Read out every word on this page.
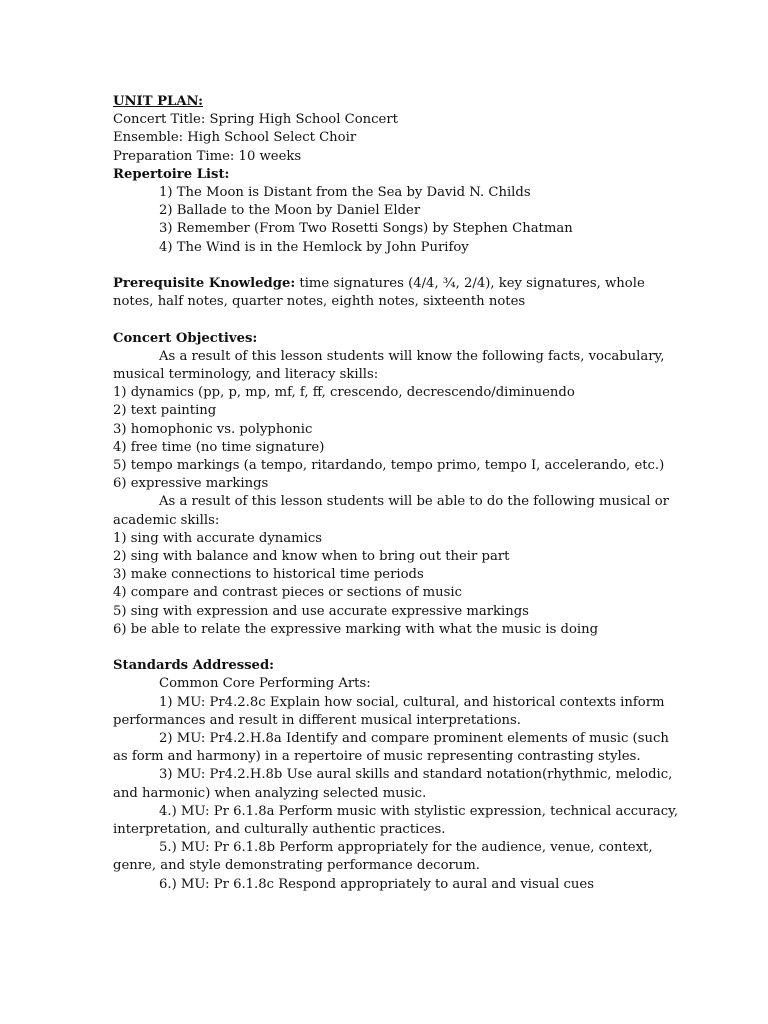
UNIT PLAN:
Concert Title: Spring High School Concert
Ensemble: High School Select Choir
Preparation Time: 10 weeks
Repertoire List:
1) The Moon is Distant from the Sea by David N. Childs
2) Ballade to the Moon by Daniel Elder
3) Remember (From Two Rosetti Songs) by Stephen Chatman
4) The Wind is in the Hemlock by John Purifoy
Prerequisite Knowledge: time signatures (4/4, ¾, 2/4), key signatures, whole
notes, half notes, quarter notes, eighth notes, sixteenth notes
Concert Objectives:
As a result of this lesson students will know the following facts, vocabulary,
musical terminology, and literacy skills:
1) dynamics (pp, p, mp, mf, f, ff, crescendo, decrescendo/diminuendo
2) text painting
3) homophonic vs. polyphonic
4) free time (no time signature)
5) tempo markings (a tempo, ritardando, tempo primo, tempo I, accelerando, etc.)
6) expressive markings
As a result of this lesson students will be able to do the following musical or
academic skills:
1) sing with accurate dynamics
2) sing with balance and know when to bring out their part
3) make connections to historical time periods
4) compare and contrast pieces or sections of music
5) sing with expression and use accurate expressive markings
6) be able to relate the expressive marking with what the music is doing
Standards Addressed:
Common Core Performing Arts:
1) MU: Pr4.2.8c Explain how social, cultural, and historical contexts inform
performances and result in different musical interpretations.
2) MU: Pr4.2.H.8a Identify and compare prominent elements of music (such
as form and harmony) in a repertoire of music representing contrasting styles.
3) MU: Pr4.2.H.8b Use aural skills and standard notation(rhythmic, melodic,
and harmonic) when analyzing selected music.
4.) MU: Pr 6.1.8a Perform music with stylistic expression, technical accuracy,
interpretation, and culturally authentic practices.
5.) MU: Pr 6.1.8b Perform appropriately for the audience, venue, context,
genre, and style demonstrating performance decorum.
6.) MU: Pr 6.1.8c Respond appropriately to aural and visual cues
